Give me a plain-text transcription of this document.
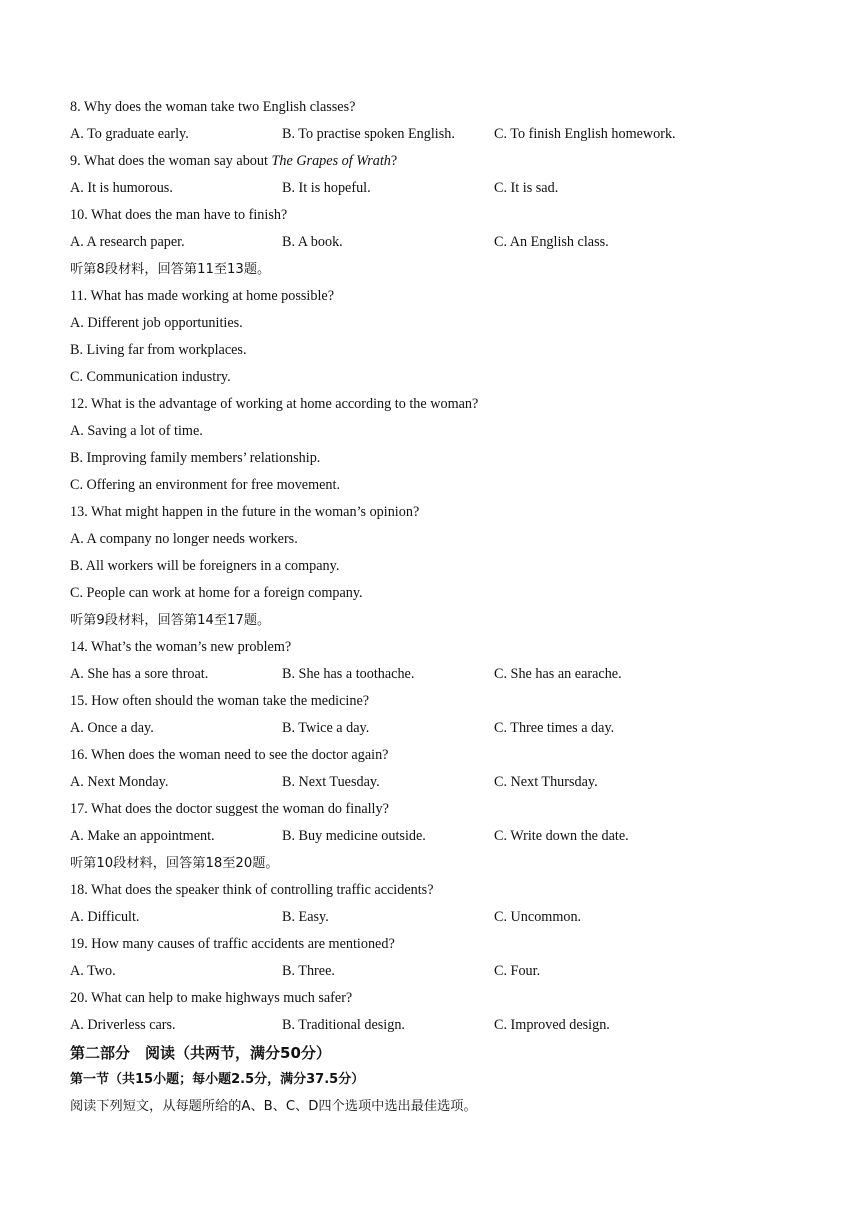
8. Why does the woman take two English classes?
A. To graduate early.	B. To practise spoken English.	C. To finish English homework.
9. What does the woman say about The Grapes of Wrath?
A. It is humorous.	B. It is hopeful.	C. It is sad.
10. What does the man have to finish?
A. A research paper.	B. A book.	C. An English class.
听第8段材料，回答第11至13题。
11. What has made working at home possible?
A. Different job opportunities.
B. Living far from workplaces.
C. Communication industry.
12. What is the advantage of working at home according to the woman?
A. Saving a lot of time.
B. Improving family members’ relationship.
C. Offering an environment for free movement.
13. What might happen in the future in the woman’s opinion?
A. A company no longer needs workers.
B. All workers will be foreigners in a company.
C. People can work at home for a foreign company.
听第9段材料，回答第14至17题。
14. What’s the woman’s new problem?
A. She has a sore throat.	B. She has a toothache.	C. She has an earache.
15. How often should the woman take the medicine?
A. Once a day.	B. Twice a day.	C. Three times a day.
16. When does the woman need to see the doctor again?
A. Next Monday.	B. Next Tuesday.	C. Next Thursday.
17. What does the doctor suggest the woman do finally?
A. Make an appointment.	B. Buy medicine outside.	C. Write down the date.
听第10段材料，回答第18至20题。
18. What does the speaker think of controlling traffic accidents?
A. Difficult.	B. Easy.	C. Uncommon.
19. How many causes of traffic accidents are mentioned?
A. Two.	B. Three.	C. Four.
20. What can help to make highways much safer?
A. Driverless cars.	B. Traditional design.	C. Improved design.
第二部分　阅读（共两节，满分50分）
第一节（共15小题；每小题2.5分，满分37.5分）
阅读下列短文，从每题所给的A、B、C、D四个选项中选出最佳选项。
